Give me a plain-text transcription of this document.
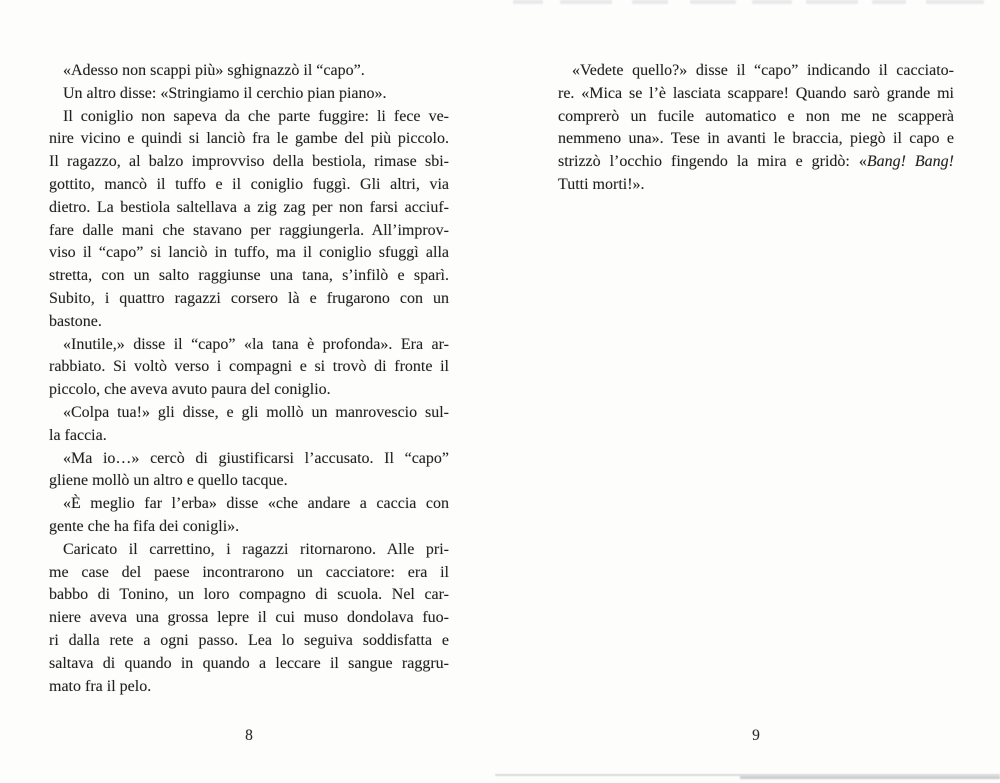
«Adesso non scappi più» sghignazzò il “capo”.
Un altro disse: «Stringiamo il cerchio pian piano».
Il coniglio non sapeva da che parte fuggire: li fece ve-
nire vicino e quindi si lanciò fra le gambe del più piccolo.
Il ragazzo, al balzo improvviso della bestiola, rimase sbi-
gottito, mancò il tuffo e il coniglio fuggì. Gli altri, via
dietro. La bestiola saltellava a zig zag per non farsi acciuf-
fare dalle mani che stavano per raggiungerla. All’improv-
viso il “capo” si lanciò in tuffo, ma il coniglio sfuggì alla
stretta, con un salto raggiunse una tana, s’infilò e sparì.
Subito, i quattro ragazzi corsero là e frugarono con un
bastone.
«Inutile,» disse il “capo” «la tana è profonda». Era ar-
rabbiato. Si voltò verso i compagni e si trovò di fronte il
piccolo, che aveva avuto paura del coniglio.
«Colpa tua!» gli disse, e gli mollò un manrovescio sul-
la faccia.
«Ma io…» cercò di giustificarsi l’accusato. Il “capo”
gliene mollò un altro e quello tacque.
«È meglio far l’erba» disse «che andare a caccia con
gente che ha fifa dei conigli».
Caricato il carrettino, i ragazzi ritornarono. Alle pri-
me case del paese incontrarono un cacciatore: era il
babbo di Tonino, un loro compagno di scuola. Nel car-
niere aveva una grossa lepre il cui muso dondolava fuo-
ri dalla rete a ogni passo. Lea lo seguiva soddisfatta e
saltava di quando in quando a leccare il sangue raggru-
mato fra il pelo.
8
«Vedete quello?» disse il “capo” indicando il cacciato-
re. «Mica se l’è lasciata scappare! Quando sarò grande mi
comprerò un fucile automatico e non me ne scapperà
nemmeno una». Tese in avanti le braccia, piegò il capo e
strizzò l’occhio fingendo la mira e gridò: «Bang! Bang!
Tutti morti!».
9
